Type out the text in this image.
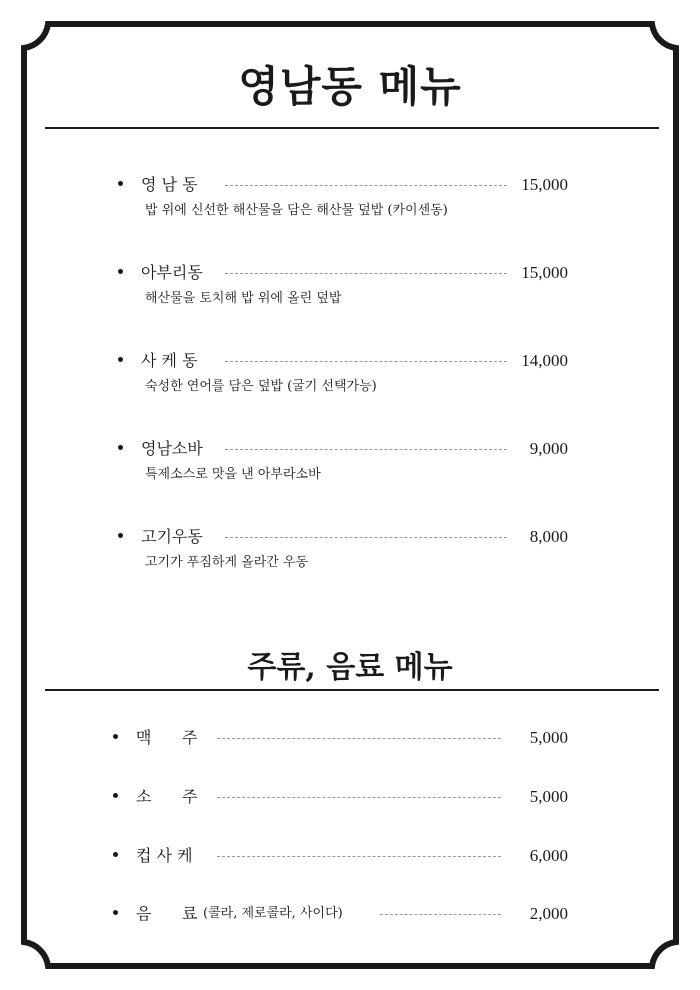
영남동 메뉴
영 남 동	15,000
밥 위에 신선한 해산물을 담은 해산물 덮밥 (카이센동)
아부리동	15,000
해산물을 토치해 밥 위에 올린 덮밥
사 케 동	14,000
숙성한 연어를 담은 덮밥 (굴기 선택가능)
영남소바	9,000
특제소스로 맛을 낸 아부라소바
고기우동	8,000
고기가 푸짐하게 올라간 우동
주류, 음료 메뉴
맥      주	5,000
소      주	5,000
컵 사 케	6,000
음      료 (콜라, 제로콜라, 사이다)	2,000
